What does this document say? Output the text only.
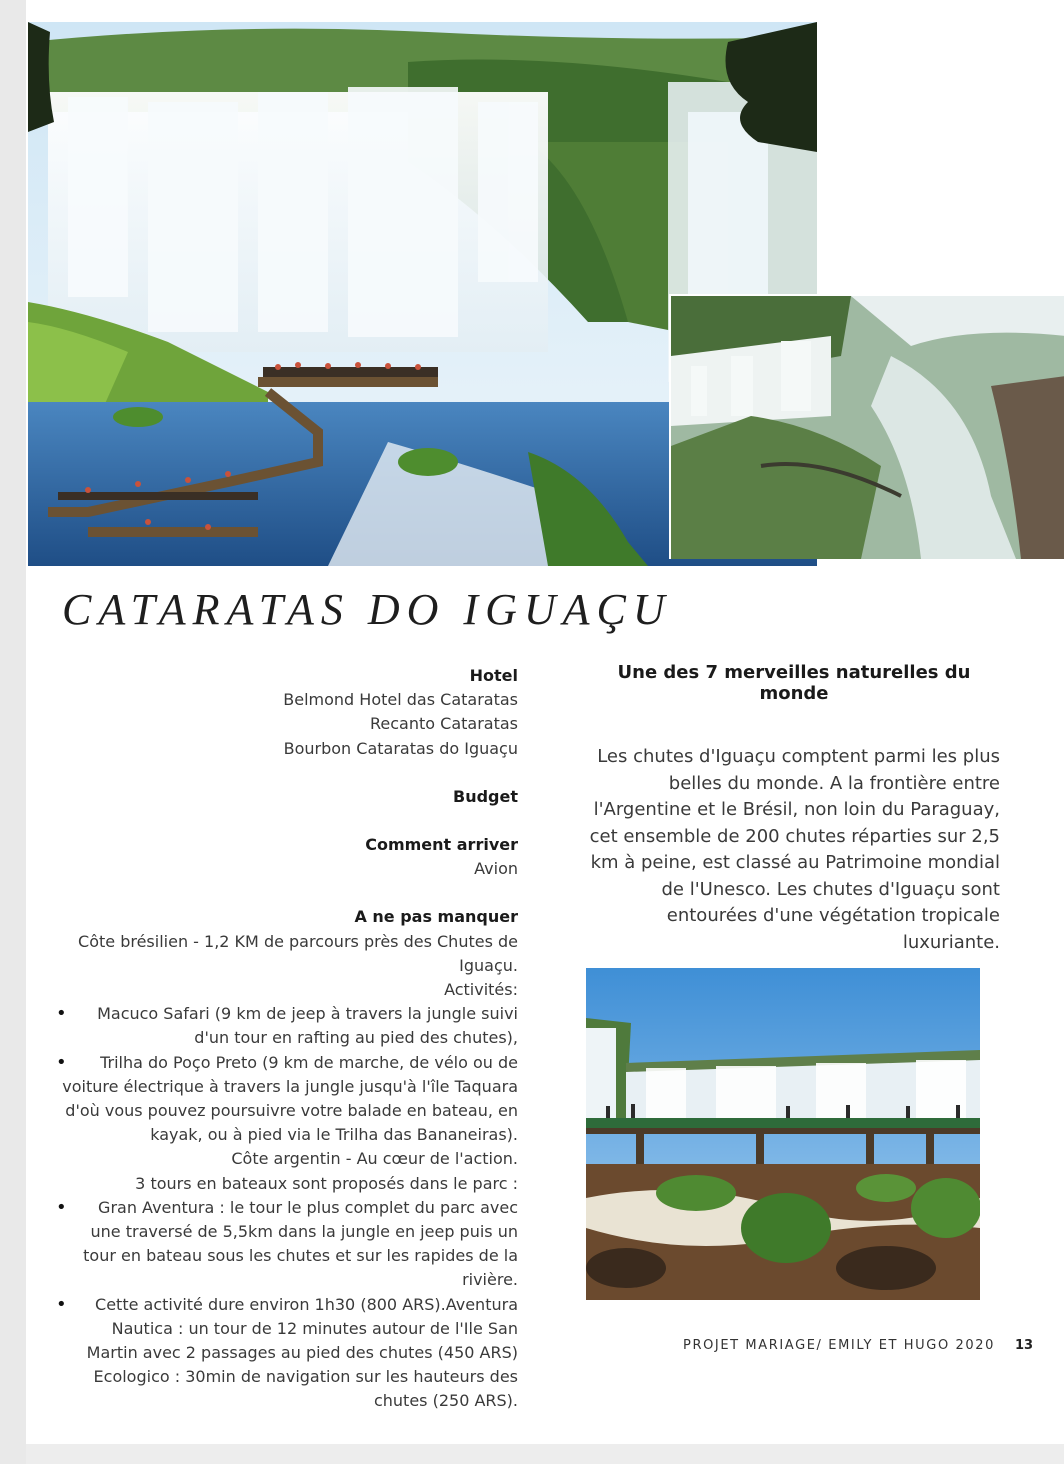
CATARATAS DO IGUAÇU
Hotel
Belmond Hotel das Cataratas
Recanto Cataratas
Bourbon Cataratas do Iguaçu
Budget
Comment arriver
Avion
A ne pas manquer
Côte brésilien - 1,2 KM de parcours près des Chutes de
Iguaçu.
Activités:
• Macuco Safari (9 km de jeep à travers la jungle suivi
d'un tour en rafting au pied des chutes),
• Trilha do Poço Preto (9 km de marche, de vélo ou de
voiture électrique à travers la jungle jusqu'à l'île Taquara
d'où vous pouvez poursuivre votre balade en bateau, en
kayak, ou à pied via le Trilha das Bananeiras).
Côte argentin - Au cœur de l'action.
3 tours en bateaux sont proposés dans le parc :
• Gran Aventura : le tour le plus complet du parc avec
une traversé de 5,5km dans la jungle en jeep puis un
tour en bateau sous les chutes et sur les rapides de la
rivière.
• Cette activité dure environ 1h30 (800 ARS).Aventura
Nautica : un tour de 12 minutes autour de l'Ile San
Martin avec 2 passages au pied des chutes (450 ARS)
Ecologico : 30min de navigation sur les hauteurs des
chutes (250 ARS).
Une des 7 merveilles naturelles du monde
Les chutes d'Iguaçu comptent parmi les plus
belles du monde. A la frontière entre
l'Argentine et le Brésil, non loin du Paraguay,
cet ensemble de 200 chutes réparties sur 2,5
km à peine, est classé au Patrimoine mondial
de l'Unesco. Les chutes d'Iguaçu sont
entourées d'une végétation tropicale
luxuriante.
PROJET MARIAGE/ EMILY ET HUGO 2020 13
